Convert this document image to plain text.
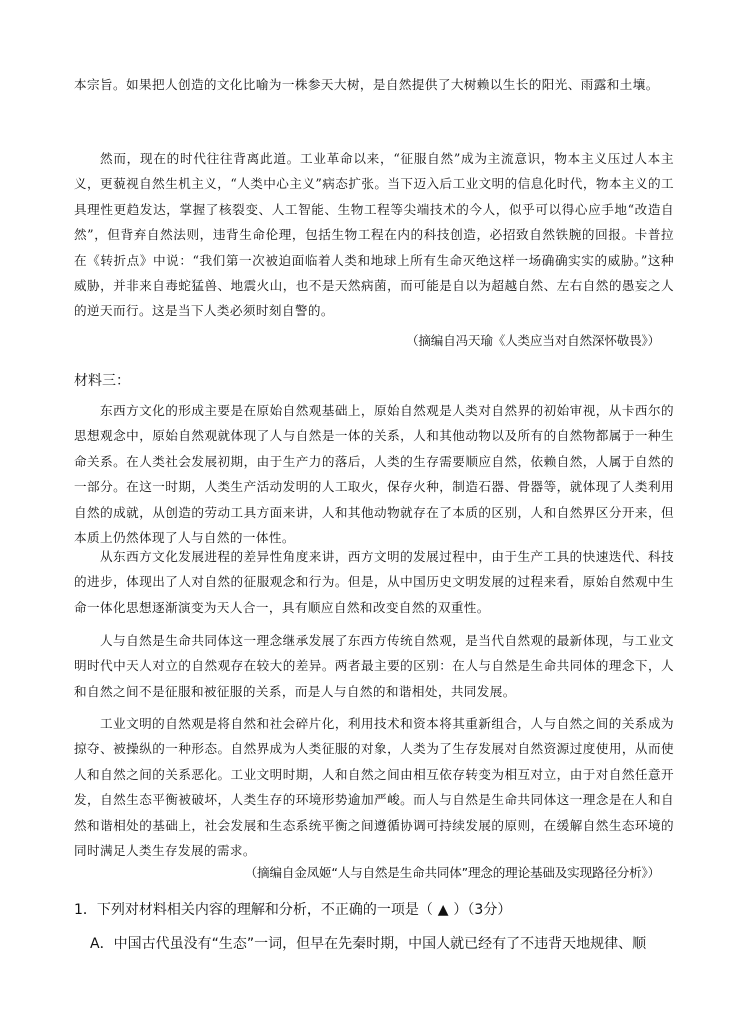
本宗旨。如果把人创造的文化比喻为一株参天大树，是自然提供了大树赖以生长的阳光、雨露和土壤。

然而，现在的时代往往背离此道。工业革命以来，“征服自然”成为主流意识，物本主义压过人本主义，更藐视自然生机主义，“人类中心主义”病态扩张。当下迈入后工业文明的信息化时代，物本主义的工具理性更趋发达，掌握了核裂变、人工智能、生物工程等尖端技术的今人，似乎可以得心应手地“改造自然”，但背弃自然法则，违背生命伦理，包括生物工程在内的科技创造，必招致自然铁腕的回报。卡普拉在《转折点》中说：“我们第一次被迫面临着人类和地球上所有生命灭绝这样一场确确实实的威胁。”这种威胁，并非来自毒蛇猛兽、地震火山，也不是天然病菌，而可能是自以为超越自然、左右自然的愚妄之人的逆天而行。这是当下人类必须时刻自警的。

（摘编自冯天瑜《人类应当对自然深怀敬畏》）

材料三：

东西方文化的形成主要是在原始自然观基础上，原始自然观是人类对自然界的初始审视，从卡西尔的思想观念中，原始自然观就体现了人与自然是一体的关系，人和其他动物以及所有的自然物都属于一种生命关系。在人类社会发展初期，由于生产力的落后，人类的生存需要顺应自然，依赖自然，人属于自然的一部分。在这一时期，人类生产活动发明的人工取火，保存火种，制造石器、骨器等，就体现了人类利用自然的成就，从创造的劳动工具方面来讲，人和其他动物就存在了本质的区别，人和自然界区分开来，但本质上仍然体现了人与自然的一体性。

从东西方文化发展进程的差异性角度来讲，西方文明的发展过程中，由于生产工具的快速迭代、科技的进步，体现出了人对自然的征服观念和行为。但是，从中国历史文明发展的过程来看，原始自然观中生命一体化思想逐渐演变为天人合一，具有顺应自然和改变自然的双重性。

人与自然是生命共同体这一理念继承发展了东西方传统自然观，是当代自然观的最新体现，与工业文明时代中天人对立的自然观存在较大的差异。两者最主要的区别：在人与自然是生命共同体的理念下，人和自然之间不是征服和被征服的关系，而是人与自然的和谐相处，共同发展。

工业文明的自然观是将自然和社会碎片化，利用技术和资本将其重新组合，人与自然之间的关系成为掠夺、被操纵的一种形态。自然界成为人类征服的对象，人类为了生存发展对自然资源过度使用，从而使人和自然之间的关系恶化。工业文明时期，人和自然之间由相互依存转变为相互对立，由于对自然任意开发，自然生态平衡被破坏，人类生存的环境形势逾加严峻。而人与自然是生命共同体这一理念是在人和自然和谐相处的基础上，社会发展和生态系统平衡之间遵循协调可持续发展的原则，在缓解自然生态环境的同时满足人类生存发展的需求。

（摘编自金凤姬“人与自然是生命共同体”理念的理论基础及实现路径分析》）

1．下列对材料相关内容的理解和分析，不正确的一项是（ ▲ ）（3分）

A．中国古代虽没有“生态”一词，但早在先秦时期，中国人就已经有了不违背天地规律、顺
